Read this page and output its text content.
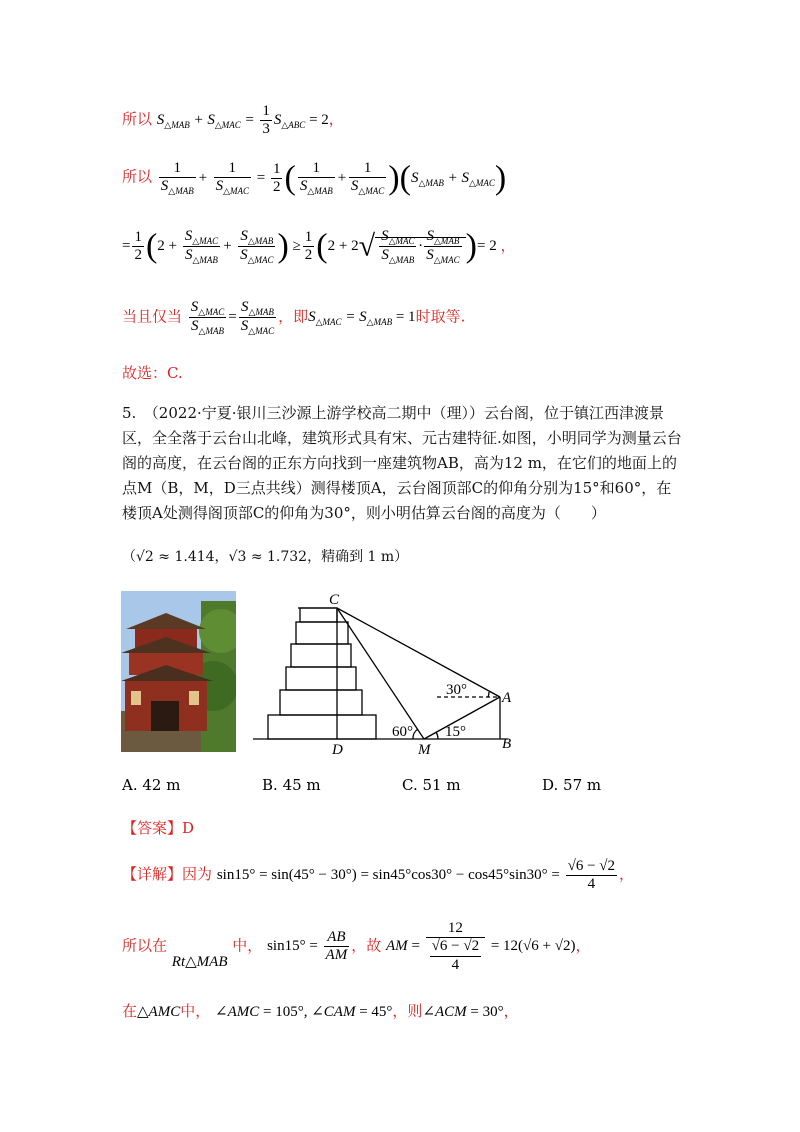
所以 $S_{\triangle MAB} + S_{\triangle MAC} = \frac{1}{3} S_{\triangle ABC} = 2$，
所以 $\frac{1}{S_{\triangle MAB}} + \frac{1}{S_{\triangle MAC}} = \frac{1}{2}$ ( $\frac{1}{S_{\triangle MAB}} + \frac{1}{S_{\triangle MAC}} )(S_{\triangle MAB} + S_{\triangle MAC})$
= $\frac{1}{2} (2 + \frac{S_{\triangle MAC}}{S_{\triangle MAB}} + \frac{S_{\triangle MAB}}{S_{\triangle MAC}}$ ) ≥ $\frac{1}{2} (2 + 2√ \frac{S_{\triangle MAC}}{S_{\triangle MAB}} \cdot \frac{S_{\triangle MAB}}{S_{\triangle MAC}}$ )= 2 ，
当且仅当 $\frac{S_{\triangle MAC}}{S_{\triangle MAB}} = \frac{S_{\triangle MAB}}{S_{\triangle MAC}}$ ，即$S_{\triangle MAC} = S_{\triangle MAB} = 1$时取等.
故选：C.
5.　（2022·宁夏·银川三沙源上游学校高二期中（理））云台阁，位于镇江西津渡景区，全全落于云台山北峰，建筑形式具有宋、元古建特征.如图，小明同学为测量云台阁的高度，在云台阁的正东方向找到一座建筑物AB，高为12 m，在它们的地面上的点M（B，M，D三点共线）测得楼顶A，云台阁顶部C的仰角分别为15°和60°，在楼顶A处测得阁顶部C的仰角为30°，则小明估算云台阁的高度为（　　）
（√2 ≈ 1.414，√3 ≈ 1.732，精确到 1 m）
C
A
B
D	M
30°
60° 15°
A. 42 m	B. 45 m	C. 51 m	D. 57 m
【答案】D
【详解】因为 $\sin 15^\circ = \sin(45^\circ - 30^\circ) = \sin 45^\circ\cos 30^\circ - \cos 45^\circ\sin 30^\circ = \frac{√6 - √2}{4}$ ，
所以在 Rt△MAB 中， $\sin 15^\circ = \frac{AB}{AM}$ ，故 AM = $\frac{12}{\frac{√6 - √2}{4}} = 12(√6 + √2)$，
在△AMC中， ∠AMC = 105°, ∠CAM = 45°，则∠ACM = 30°，
